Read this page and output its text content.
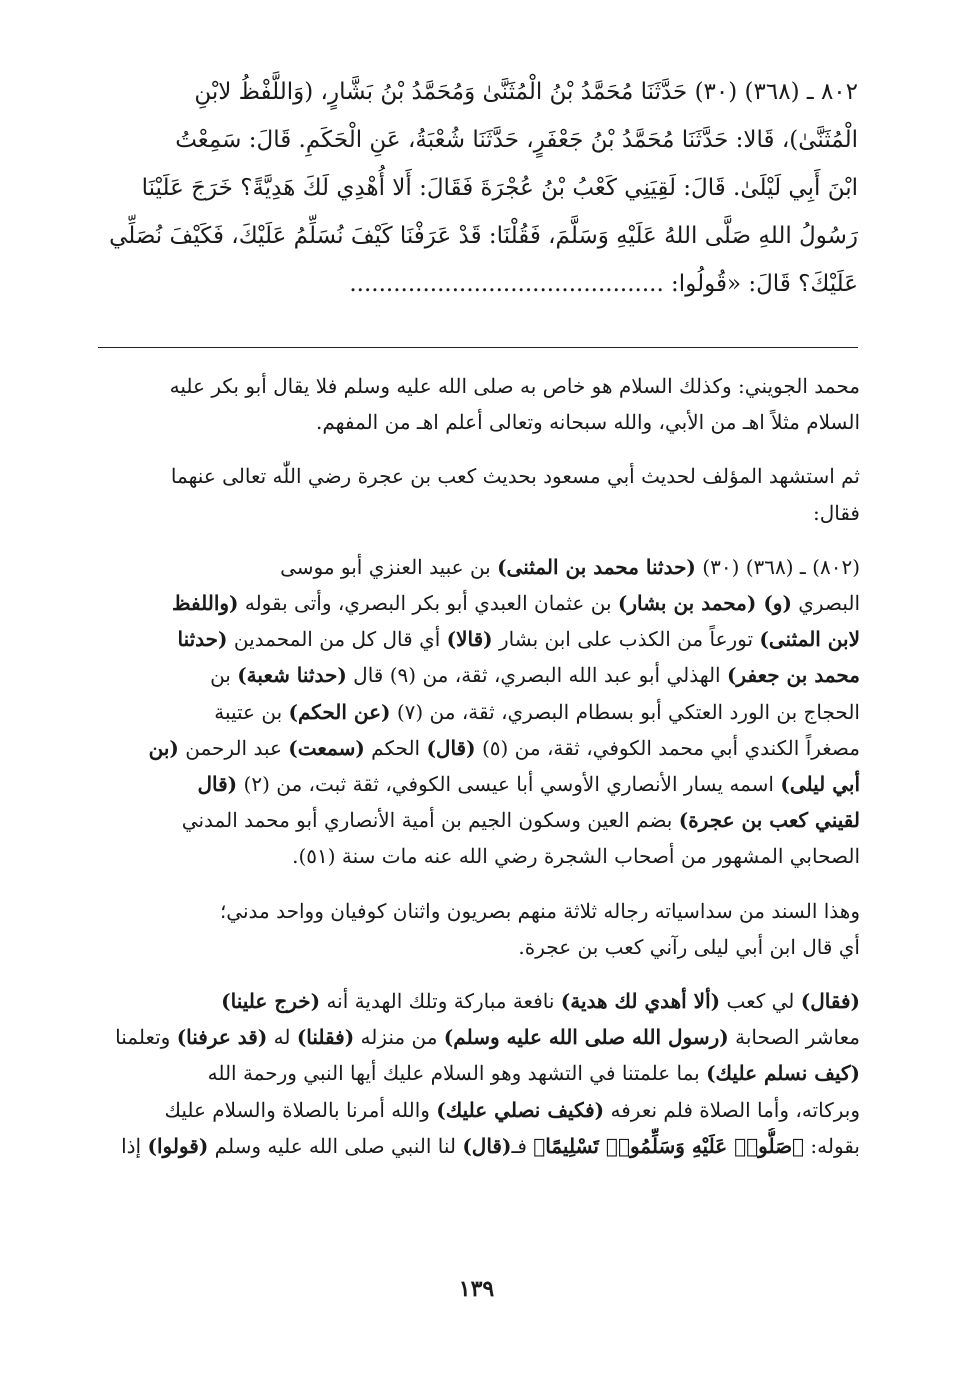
٨٠٢ ـ (٣٦٨) (٣٠) حَدَّثَنَا مُحَمَّدُ بْنُ الْمُثَنَّىٰ وَمُحَمَّدُ بْنُ بَشَّارٍ، (وَاللَّفْظُ لابْنِ
الْمُثَنَّىٰ)، قَالا: حَدَّثَنَا مُحَمَّدُ بْنُ جَعْفَرٍ، حَدَّثَنَا شُعْبَةُ، عَنِ الْحَكَمِ. قَالَ: سَمِعْتُ
ابْنَ أَبِي لَيْلَىٰ. قَالَ: لَقِيَنِي كَعْبُ بْنُ عُجْرَةَ فَقَالَ: أَلا أُهْدِي لَكَ هَدِيَّةً؟ خَرَجَ عَلَيْنَا
رَسُولُ اللهِ صَلَّى اللهُ عَلَيْهِ وَسَلَّمَ، فَقُلْنَا: قَدْ عَرَفْنَا كَيْفَ نُسَلِّمُ عَلَيْكَ، فَكَيْفَ نُصَلِّي
عَلَيْكَ؟ قَالَ: «قُولُوا: ...........................................
محمد الجويني: وكذلك السلام هو خاص به صلى الله عليه وسلم فلا يقال أبو بكر عليه
السلام مثلاً اهـ من الأبي، والله سبحانه وتعالى أعلم اهـ من المفهم.
ثم استشهد المؤلف لحديث أبي مسعود بحديث كعب بن عجرة رضي اللّٰه تعالى عنهما
فقال:
(٨٠٢) ـ (٣٦٨) (٣٠) (حدثنا محمد بن المثنى) بن عبيد العنزي أبو موسى
البصري (و) (محمد بن بشار) بن عثمان العبدي أبو بكر البصري، وأتى بقوله (واللفظ
لابن المثنى) تورعاً من الكذب على ابن بشار (قالا) أي قال كل من المحمدين (حدثنا
محمد بن جعفر) الهذلي أبو عبد الله البصري، ثقة، من (٩) قال (حدثنا شعبة) بن
الحجاج بن الورد العتكي أبو بسطام البصري، ثقة، من (٧) (عن الحكم) بن عتيبة
مصغراً الكندي أبي محمد الكوفي، ثقة، من (٥) (قال) الحكم (سمعت) عبد الرحمن (بن
أبي ليلى) اسمه يسار الأنصاري الأوسي أبا عيسى الكوفي، ثقة ثبت، من (٢) (قال
لقيني كعب بن عجرة) بضم العين وسكون الجيم بن أمية الأنصاري أبو محمد المدني
الصحابي المشهور من أصحاب الشجرة رضي الله عنه مات سنة (٥١).
وهذا السند من سداسياته رجاله ثلاثة منهم بصريون واثنان كوفيان وواحد مدني؛
أي قال ابن أبي ليلى رآني كعب بن عجرة.
(فقال) لي كعب (ألا أهدي لك هدية) نافعة مباركة وتلك الهدية أنه (خرج علينا)
معاشر الصحابة (رسول الله صلى الله عليه وسلم) من منزله (فقلنا) له (قد عرفنا) وتعلمنا
(كيف نسلم عليك) بما علمتنا في التشهد وهو السلام عليك أيها النبي ورحمة الله
وبركاته، وأما الصلاة فلم نعرفه (فكيف نصلي عليك) والله أمرنا بالصلاة والسلام عليك
بقوله: ﴿صَلُّوا۟ عَلَيْهِ وَسَلِّمُوا۟ تَسْلِيمًا﴾ فـ(قال) لنا النبي صلى الله عليه وسلم (قولوا) إذا
١٣٩
